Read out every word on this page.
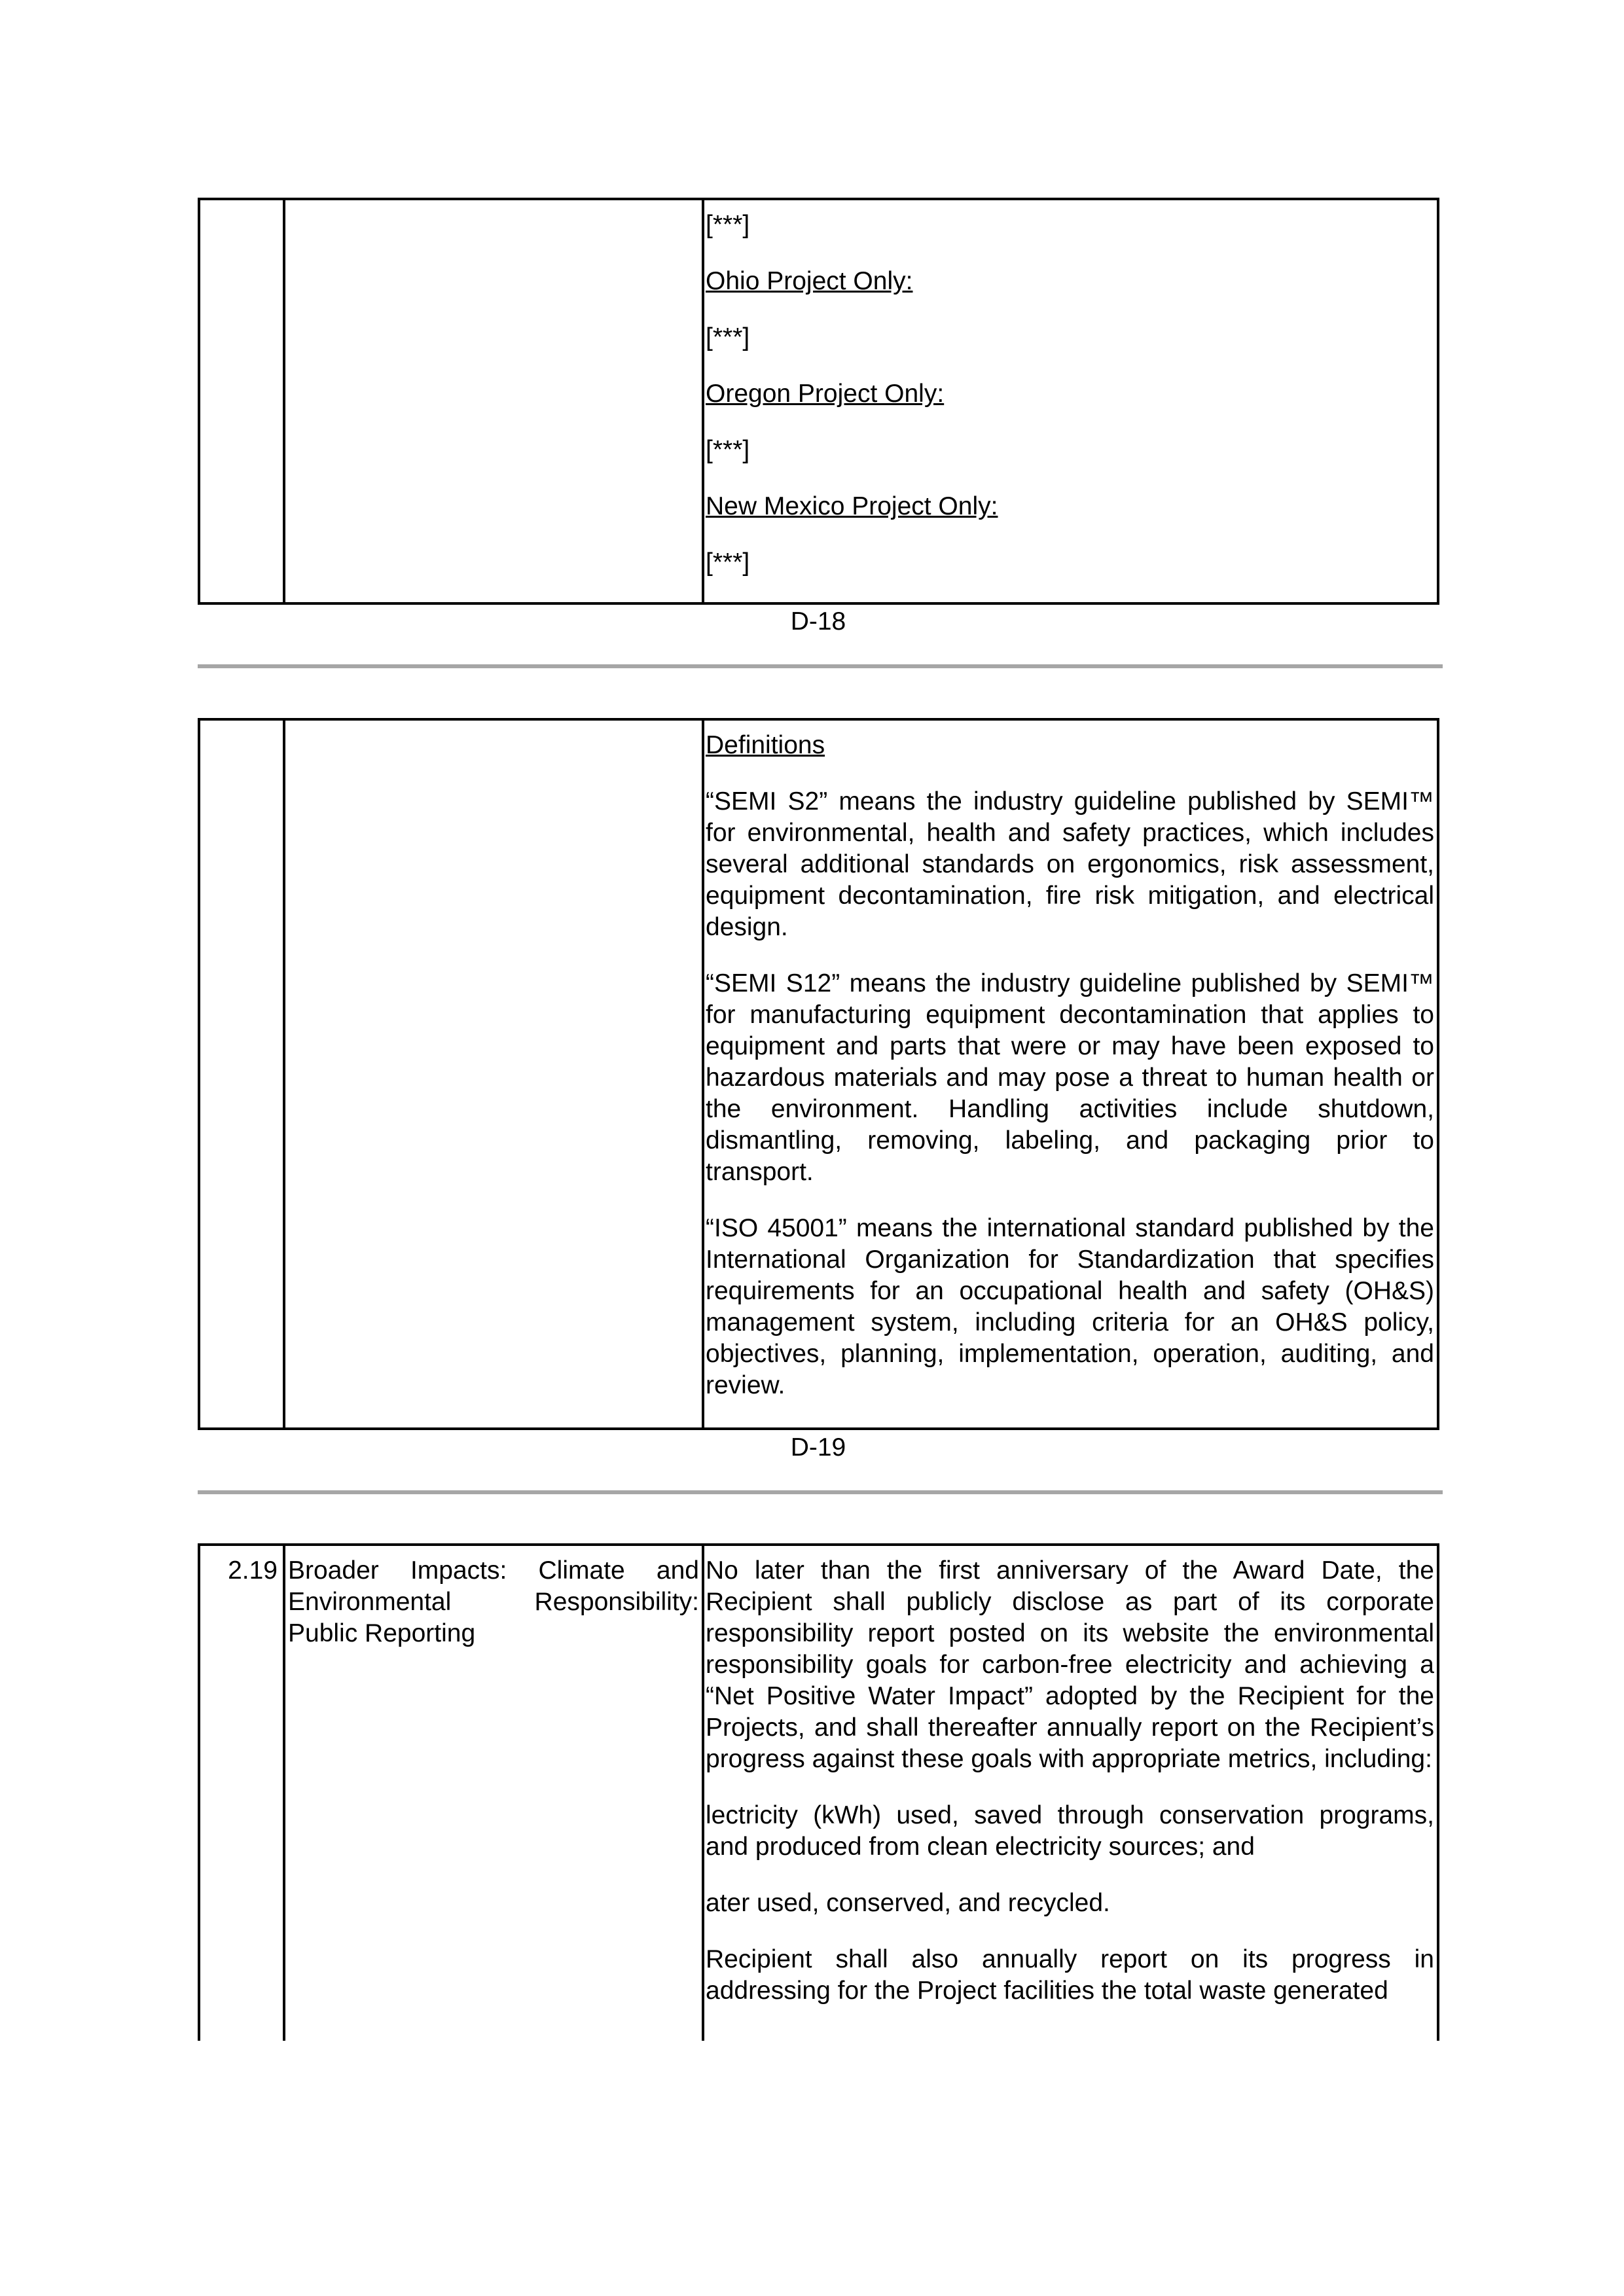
[***]

Ohio Project Only:

[***]

Oregon Project Only:

[***]

New Mexico Project Only:

[***]

D-18

Definitions

“SEMI S2” means the industry guideline published by SEMI™ for environmental, health and safety practices, which includes several additional standards on ergonomics, risk assessment, equipment decontamination, fire risk mitigation, and electrical design.

“SEMI S12” means the industry guideline published by SEMI™ for manufacturing equipment decontamination that applies to equipment and parts that were or may have been exposed to hazardous materials and may pose a threat to human health or the environment. Handling activities include shutdown, dismantling, removing, labeling, and packaging prior to transport.

“ISO 45001” means the international standard published by the International Organization for Standardization that specifies requirements for an occupational health and safety (OH&S) management system, including criteria for an OH&S policy, objectives, planning, implementation, operation, auditing, and review.

D-19
2.19 Broader Impacts: Climate and Environmental Responsibility: Public Reporting

No later than the first anniversary of the Award Date, the Recipient shall publicly disclose as part of its corporate responsibility report posted on its website the environmental responsibility goals for carbon-free electricity and achieving a “Net Positive Water Impact” adopted by the Recipient for the Projects, and shall thereafter annually report on the Recipient’s progress against these goals with appropriate metrics, including:

lectricity (kWh) used, saved through conservation programs, and produced from clean electricity sources; and

ater used, conserved, and recycled.

Recipient shall also annually report on its progress in addressing for the Project facilities the total waste generated
